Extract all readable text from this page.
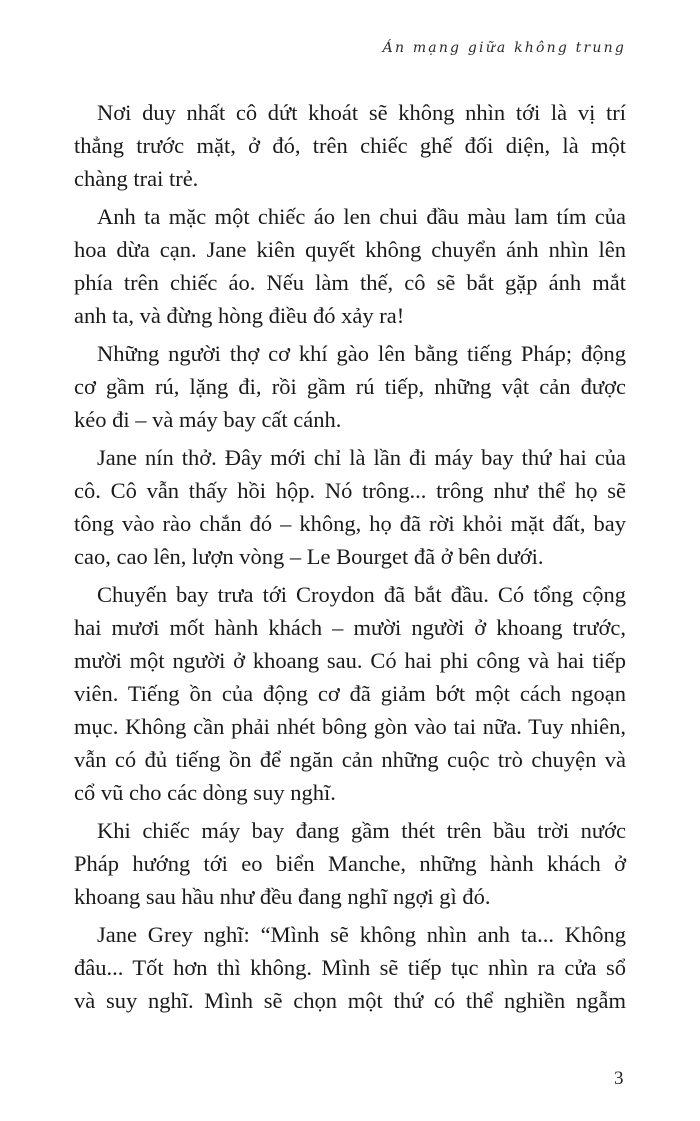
Án mạng giữa không trung

Nơi duy nhất cô dứt khoát sẽ không nhìn tới là vị trí
thẳng trước mặt, ở đó, trên chiếc ghế đối diện, là một
chàng trai trẻ.

Anh ta mặc một chiếc áo len chui đầu màu lam tím của
hoa dừa cạn. Jane kiên quyết không chuyển ánh nhìn lên
phía trên chiếc áo. Nếu làm thế, cô sẽ bắt gặp ánh mắt
anh ta, và đừng hòng điều đó xảy ra!

Những người thợ cơ khí gào lên bằng tiếng Pháp; động
cơ gầm rú, lặng đi, rồi gầm rú tiếp, những vật cản được
kéo đi – và máy bay cất cánh.

Jane nín thở. Đây mới chỉ là lần đi máy bay thứ hai của
cô. Cô vẫn thấy hồi hộp. Nó trông... trông như thể họ sẽ
tông vào rào chắn đó – không, họ đã rời khỏi mặt đất, bay
cao, cao lên, lượn vòng – Le Bourget đã ở bên dưới.

Chuyến bay trưa tới Croydon đã bắt đầu. Có tổng cộng
hai mươi mốt hành khách – mười người ở khoang trước,
mười một người ở khoang sau. Có hai phi công và hai tiếp
viên. Tiếng ồn của động cơ đã giảm bớt một cách ngoạn
mục. Không cần phải nhét bông gòn vào tai nữa. Tuy nhiên,
vẫn có đủ tiếng ồn để ngăn cản những cuộc trò chuyện và
cổ vũ cho các dòng suy nghĩ.

Khi chiếc máy bay đang gầm thét trên bầu trời nước
Pháp hướng tới eo biển Manche, những hành khách ở
khoang sau hầu như đều đang nghĩ ngợi gì đó.

Jane Grey nghĩ: “Mình sẽ không nhìn anh ta... Không
đâu... Tốt hơn thì không. Mình sẽ tiếp tục nhìn ra cửa sổ
và suy nghĩ. Mình sẽ chọn một thứ có thể nghiền ngẫm

3
